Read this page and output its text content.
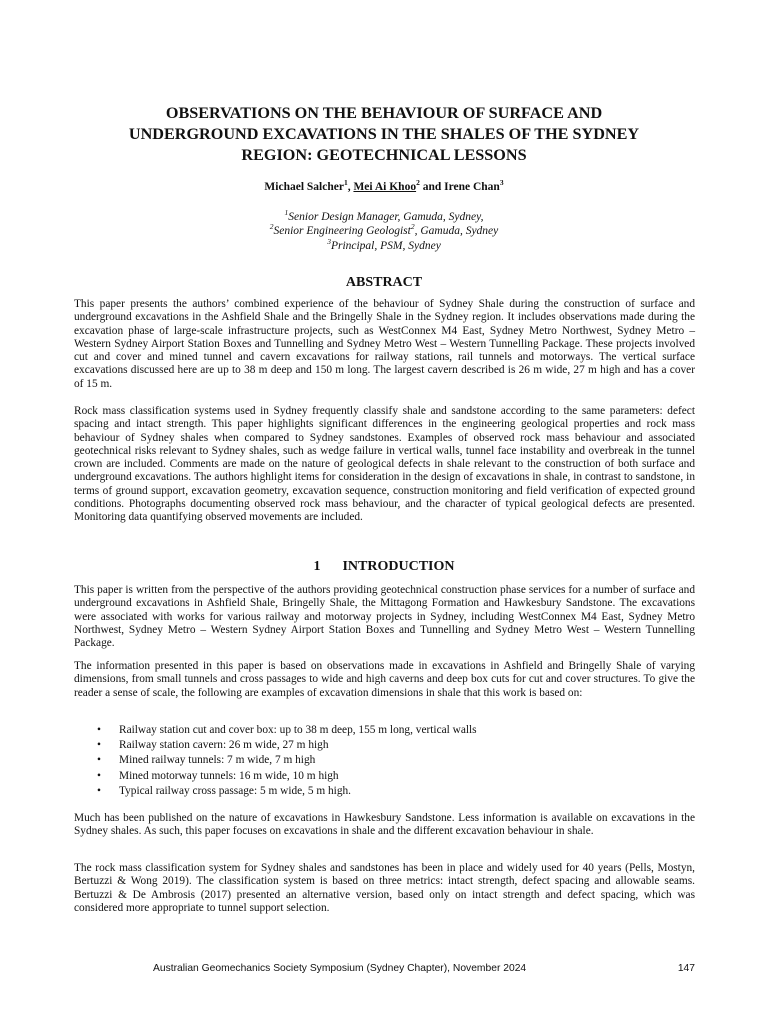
OBSERVATIONS ON THE BEHAVIOUR OF SURFACE AND
UNDERGROUND EXCAVATIONS IN THE SHALES OF THE SYDNEY
REGION: GEOTECHNICAL LESSONS
Michael Salcher$^1$, Mei Ai Khoo$^2$ and Irene Chan$^3$
$^1$Senior Design Manager, Gamuda, Sydney,
$^2$Senior Engineering Geologist$^2$, Gamuda, Sydney
$^3$Principal, PSM, Sydney
ABSTRACT

This paper presents the authors’ combined experience of the behaviour of Sydney Shale during the construction of surface and underground excavations in the Ashfield Shale and the Bringelly Shale in the Sydney region. It includes observations made during the excavation phase of large-scale infrastructure projects, such as WestConnex M4 East, Sydney Metro Northwest, Sydney Metro – Western Sydney Airport Station Boxes and Tunnelling and Sydney Metro West – Western Tunnelling Package. These projects involved cut and cover and mined tunnel and cavern excavations for railway stations, rail tunnels and motorways. The vertical surface excavations discussed here are up to 38 m deep and 150 m long. The largest cavern described is 26 m wide, 27 m high and has a cover of 15 m.

Rock mass classification systems used in Sydney frequently classify shale and sandstone according to the same parameters: defect spacing and intact strength. This paper highlights significant differences in the engineering geological properties and rock mass behaviour of Sydney shales when compared to Sydney sandstones. Examples of observed rock mass behaviour and associated geotechnical risks relevant to Sydney shales, such as wedge failure in vertical walls, tunnel face instability and overbreak in the tunnel crown are included. Comments are made on the nature of geological defects in shale relevant to the construction of both surface and underground excavations. The authors highlight items for consideration in the design of excavations in shale, in contrast to sandstone, in terms of ground support, excavation geometry, excavation sequence, construction monitoring and field verification of expected ground conditions. Photographs documenting observed rock mass behaviour, and the character of typical geological defects are presented. Monitoring data quantifying observed movements are included.

1 INTRODUCTION

This paper is written from the perspective of the authors providing geotechnical construction phase services for a number of surface and underground excavations in Ashfield Shale, Bringelly Shale, the Mittagong Formation and Hawkesbury Sandstone. The excavations were associated with works for various railway and motorway projects in Sydney, including WestConnex M4 East, Sydney Metro Northwest, Sydney Metro – Western Sydney Airport Station Boxes and Tunnelling and Sydney Metro West – Western Tunnelling Package.

The information presented in this paper is based on observations made in excavations in Ashfield and Bringelly Shale of varying dimensions, from small tunnels and cross passages to wide and high caverns and deep box cuts for cut and cover structures. To give the reader a sense of scale, the following are examples of excavation dimensions in shale that this work is based on:

• Railway station cut and cover box: up to 38 m deep, 155 m long, vertical walls
• Railway station cavern: 26 m wide, 27 m high
• Mined railway tunnels: 7 m wide, 7 m high
• Mined motorway tunnels: 16 m wide, 10 m high
• Typical railway cross passage: 5 m wide, 5 m high.

Much has been published on the nature of excavations in Hawkesbury Sandstone. Less information is available on excavations in the Sydney shales. As such, this paper focuses on excavations in shale and the different excavation behaviour in shale.

The rock mass classification system for Sydney shales and sandstones has been in place and widely used for 40 years (Pells, Mostyn, Bertuzzi & Wong 2019). The classification system is based on three metrics: intact strength, defect spacing and allowable seams. Bertuzzi & De Ambrosis (2017) presented an alternative version, based only on intact strength and defect spacing, which was considered more appropriate to tunnel support selection.

Australian Geomechanics Society Symposium (Sydney Chapter), November 2024	147
